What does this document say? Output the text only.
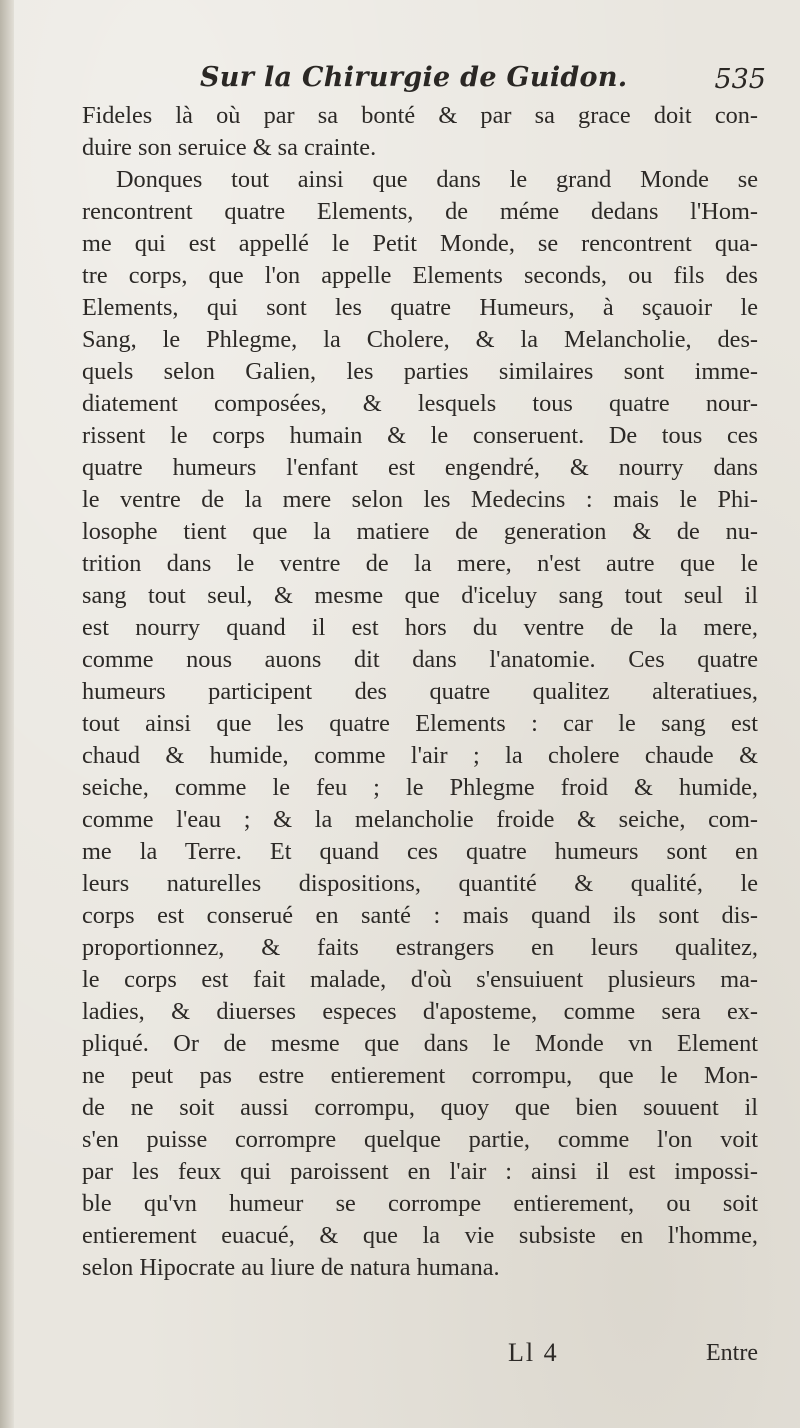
Sur la Chirurgie de Guidon.	535
Fideles là où par sa bonté & par sa grace doit con-
duire son seruice & sa crainte.
Donques tout ainsi que dans le grand Monde se
rencontrent quatre Elements, de méme dedans l'Hom-
me qui est appellé le Petit Monde, se rencontrent qua-
tre corps, que l'on appelle Elements seconds, ou fils des
Elements, qui sont les quatre Humeurs, à sçauoir le
Sang, le Phlegme, la Cholere, & la Melancholie, des-
quels selon Galien, les parties similaires sont imme-
diatement composées, & lesquels tous quatre nour-
rissent le corps humain & le conseruent. De tous ces
quatre humeurs l'enfant est engendré, & nourry dans
le ventre de la mere selon les Medecins : mais le Phi-
losophe tient que la matiere de generation & de nu-
trition dans le ventre de la mere, n'est autre que le
sang tout seul, & mesme que d'iceluy sang tout seul il
est nourry quand il est hors du ventre de la mere,
comme nous auons dit dans l'anatomie. Ces quatre
humeurs participent des quatre qualitez alteratiues,
tout ainsi que les quatre Elements : car le sang est
chaud & humide, comme l'air ; la cholere chaude &
seiche, comme le feu ; le Phlegme froid & humide,
comme l'eau ; & la melancholie froide & seiche, com-
me la Terre. Et quand ces quatre humeurs sont en
leurs naturelles dispositions, quantité & qualité, le
corps est conserué en santé : mais quand ils sont dis-
proportionnez, & faits estrangers en leurs qualitez,
le corps est fait malade, d'où s'ensuiuent plusieurs ma-
ladies, & diuerses especes d'aposteme, comme sera ex-
pliqué. Or de mesme que dans le Monde vn Element
ne peut pas estre entierement corrompu, que le Mon-
de ne soit aussi corrompu, quoy que bien souuent il
s'en puisse corrompre quelque partie, comme l'on voit
par les feux qui paroissent en l'air : ainsi il est impossi-
ble qu'vn humeur se corrompe entierement, ou soit
entierement euacué, & que la vie subsiste en l'homme,
selon Hipocrate au liure de natura humana.
Ll 4	Entre
